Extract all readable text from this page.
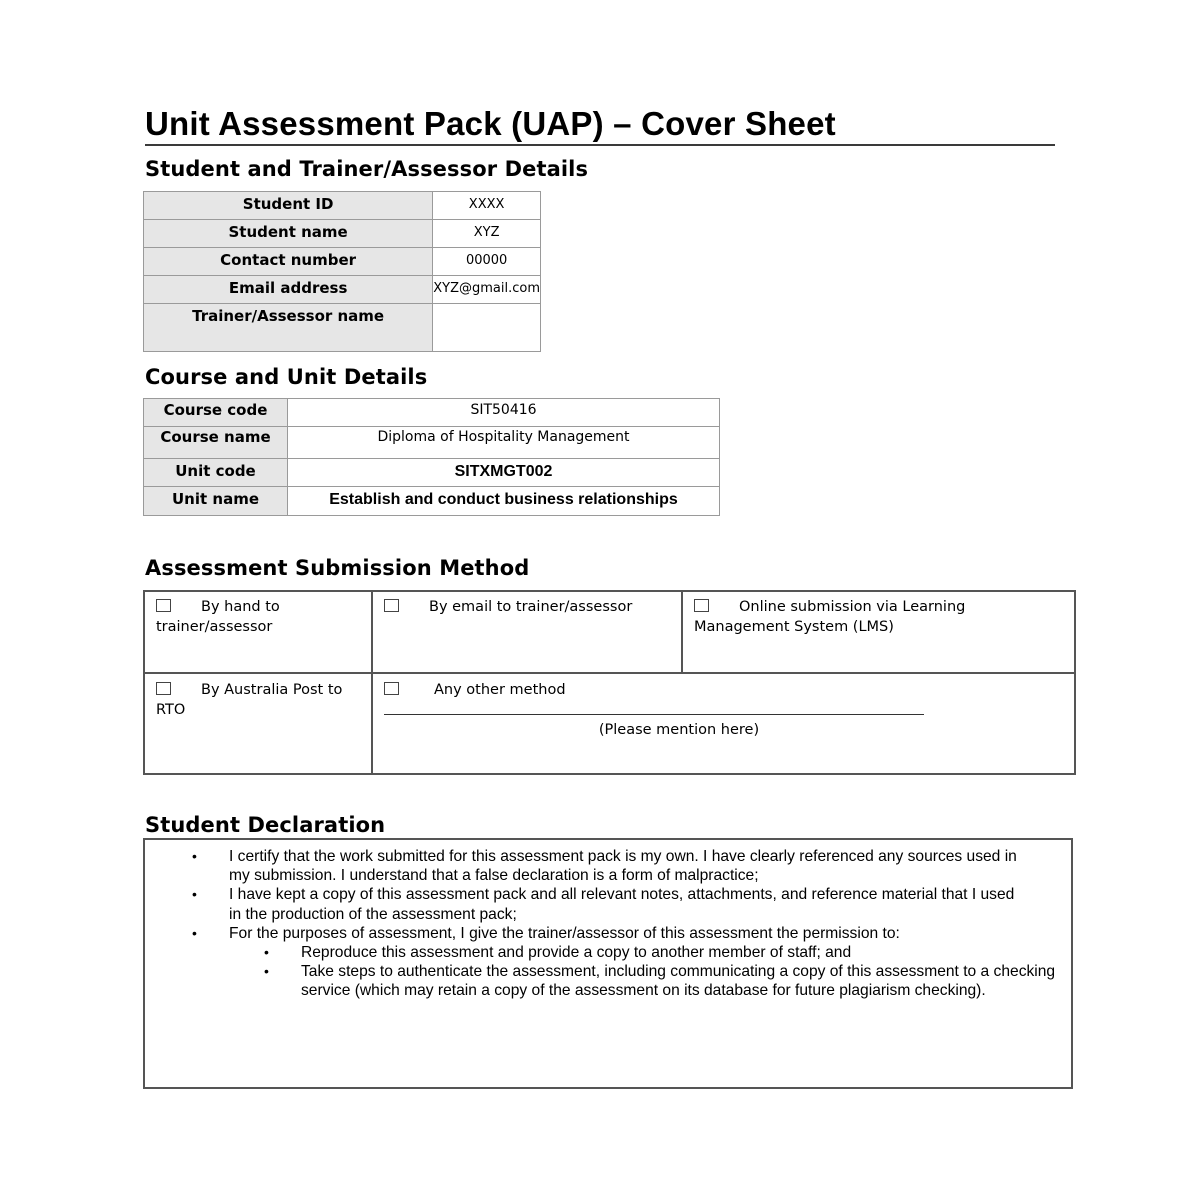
Unit Assessment Pack (UAP) – Cover Sheet
Student and Trainer/Assessor Details
Student ID	XXXX
Student name	XYZ
Contact number	00000
Email address	XYZ@gmail.com
Trainer/Assessor name	
Course and Unit Details
Course code	SIT50416
Course name	Diploma of Hospitality Management
Unit code	SITXMGT002
Unit name	Establish and conduct business relationships
Assessment Submission Method
By hand to trainer/assessor	By email to trainer/assessor	Online submission via Learning Management System (LMS)
By Australia Post to RTO	Any other method
(Please mention here)	
Student Declaration
• I certify that the work submitted for this assessment pack is my own. I have clearly referenced any sources used in my submission. I understand that a false declaration is a form of malpractice;
• I have kept a copy of this assessment pack and all relevant notes, attachments, and reference material that I used in the production of the assessment pack;
• For the purposes of assessment, I give the trainer/assessor of this assessment the permission to:
• Reproduce this assessment and provide a copy to another member of staff; and
• Take steps to authenticate the assessment, including communicating a copy of this assessment to a checking service (which may retain a copy of the assessment on its database for future plagiarism checking).
